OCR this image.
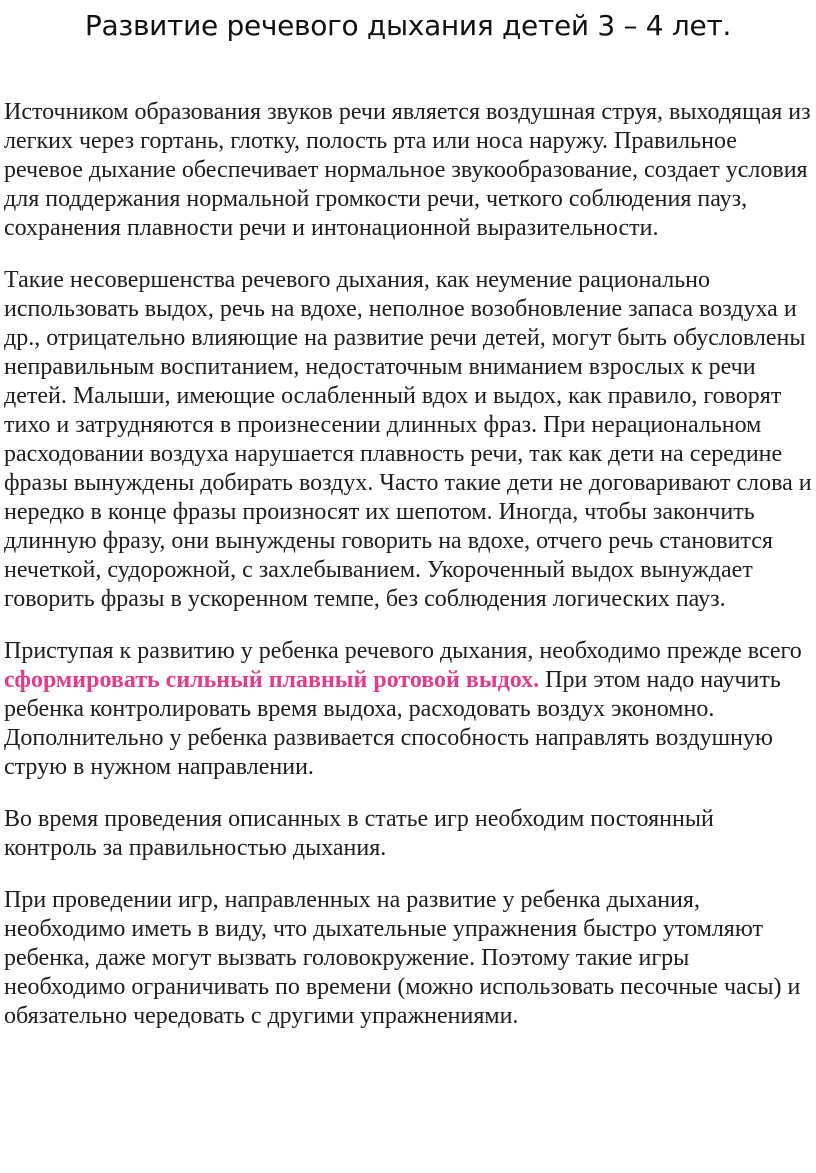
Развитие речевого дыхания детей 3 – 4 лет.

Источником образования звуков речи является воздушная струя, выходящая из легких через гортань, глотку, полость рта или носа наружу. Правильное речевое дыхание обеспечивает нормальное звукообразование, создает условия для поддержания нормальной громкости речи, четкого соблюдения пауз, сохранения плавности речи и интонационной выразительности.

Такие несовершенства речевого дыхания, как неумение рационально использовать выдох, речь на вдохе, неполное возобновление запаса воздуха и др., отрицательно влияющие на развитие речи детей, могут быть обусловлены неправильным воспитанием, недостаточным вниманием взрослых к речи детей. Малыши, имеющие ослабленный вдох и выдох, как правило, говорят тихо и затрудняются в произнесении длинных фраз. При нерациональном расходовании воздуха нарушается плавность речи, так как дети на середине фразы вынуждены добирать воздух. Часто такие дети не договаривают слова и нередко в конце фразы произносят их шепотом. Иногда, чтобы закончить длинную фразу, они вынуждены говорить на вдохе, отчего речь становится нечеткой, судорожной, с захлебыванием. Укороченный выдох вынуждает говорить фразы в ускоренном темпе, без соблюдения логических пауз.

Приступая к развитию у ребенка речевого дыхания, необходимо прежде всего сформировать сильный плавный ротовой выдох. При этом надо научить ребенка контролировать время выдоха, расходовать воздух экономно. Дополнительно у ребенка развивается способность направлять воздушную струю в нужном направлении.

Во время проведения описанных в статье игр необходим постоянный контроль за правильностью дыхания.

При проведении игр, направленных на развитие у ребенка дыхания, необходимо иметь в виду, что дыхательные упражнения быстро утомляют ребенка, даже могут вызвать головокружение. Поэтому такие игры необходимо ограничивать по времени (можно использовать песочные часы) и обязательно чередовать с другими упражнениями.
